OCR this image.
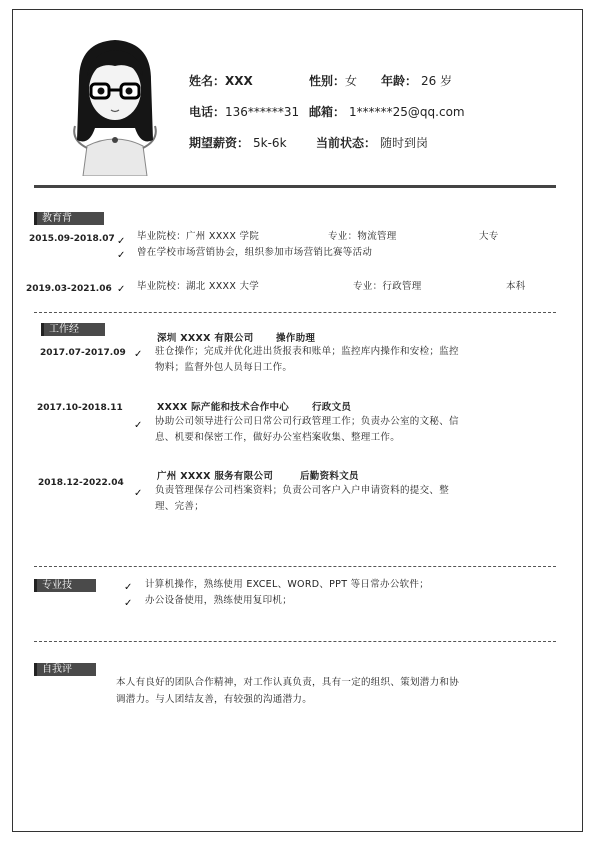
姓名：XXX	性别：女 年龄： 26 岁
电话：136******31 邮箱： 1******25@qq.com
期望薪资： 5k-6k 当前状态： 随时到岗
教育背
2015.09-2018.07 ✓ 毕业院校：广州 XXXX 学院	专业：物流管理	大专
✓ 曾在学校市场营销协会，组织参加市场营销比赛等活动
2019.03-2021.06 ✓ 毕业院校：湖北 XXXX 大学	专业：行政管理	本科
工作经
深圳 XXXX 有限公司 操作助理
2017.07-2017.09 ✓ 驻仓操作；完成并优化进出货报表和账单；监控库内操作和安检；监控
物料；监督外包人员每日工作。
XXXX 际产能和技术合作中心 行政文员
2017.10-2018.11
✓ 协助公司领导进行公司日常公司行政管理工作；负责办公室的文秘、信
息、机要和保密工作，做好办公室档案收集、整理工作。
广州 XXXX 服务有限公司	后勤资料文员
2018.12-2022.04
✓ 负责管理保存公司档案资料；负责公司客户入户申请资料的提交、整
理、完善；
专业技	✓ 计算机操作，熟练使用 EXCEL、WORD、PPT 等日常办公软件；
✓ 办公设备使用，熟练使用复印机；
自我评
本人有良好的团队合作精神，对工作认真负责，具有一定的组织、策划潜力和协
调潜力。与人团结友善，有较强的沟通潜力。
